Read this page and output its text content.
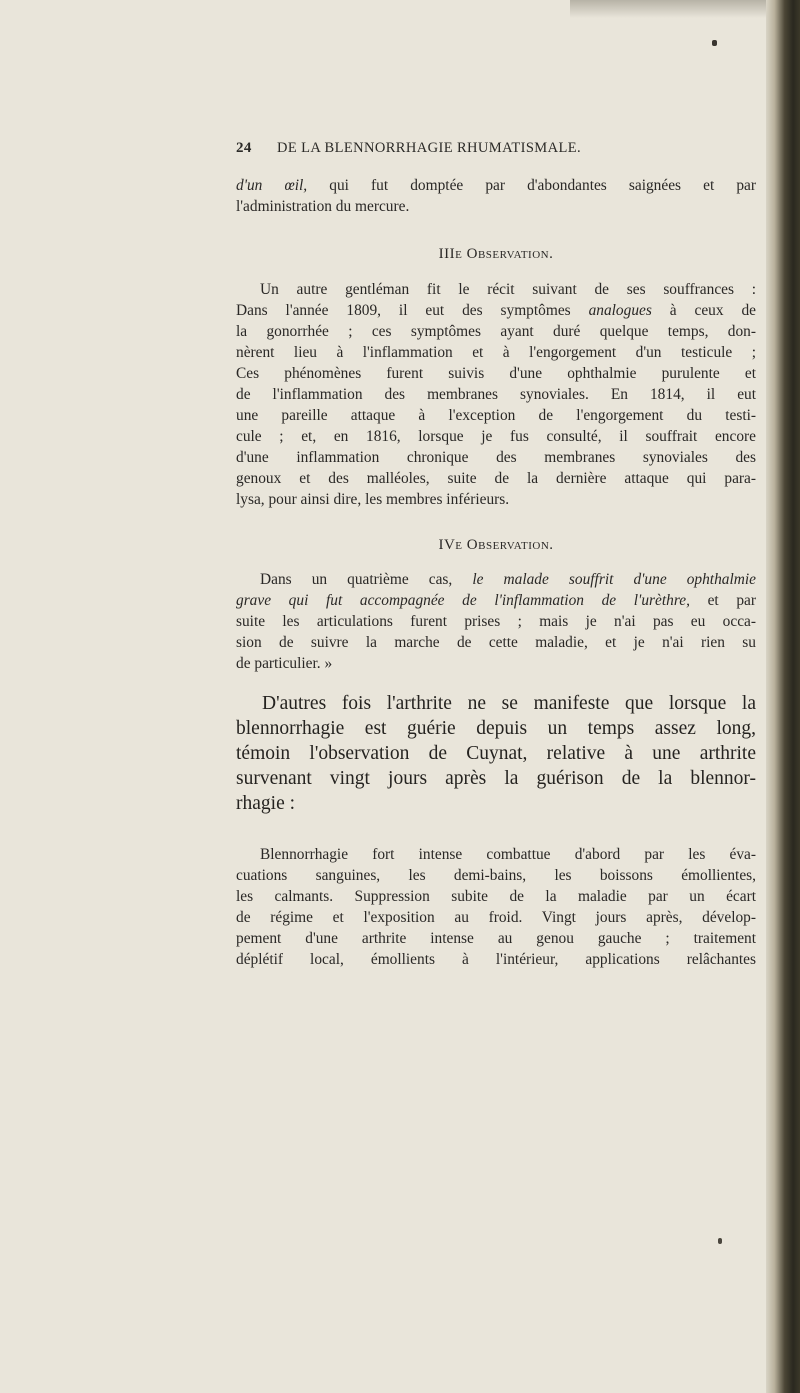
24 DE LA BLENNORRHAGIE RHUMATISMALE.
d'un œil, qui fut domptée par d'abondantes saignées et par
l'administration du mercure.
IIIe Observation.
Un autre gentléman fit le récit suivant de ses souffrances :
Dans l'année 1809, il eut des symptômes analogues à ceux de
la gonorrhée ; ces symptômes ayant duré quelque temps, don-
nèrent lieu à l'inflammation et à l'engorgement d'un testicule ;
Ces phénomènes furent suivis d'une ophthalmie purulente et
de l'inflammation des membranes synoviales. En 1814, il eut
une pareille attaque à l'exception de l'engorgement du testi-
cule ; et, en 1816, lorsque je fus consulté, il souffrait encore
d'une inflammation chronique des membranes synoviales des
genoux et des malléoles, suite de la dernière attaque qui para-
lysa, pour ainsi dire, les membres inférieurs.
IVe Observation.
Dans un quatrième cas, le malade souffrit d'une ophthalmie
grave qui fut accompagnée de l'inflammation de l'urèthre, et par
suite les articulations furent prises ; mais je n'ai pas eu occa-
sion de suivre la marche de cette maladie, et je n'ai rien su
de particulier. »
D'autres fois l'arthrite ne se manifeste que lorsque la
blennorrhagie est guérie depuis un temps assez long,
témoin l'observation de Cuynat, relative à une arthrite
survenant vingt jours après la guérison de la blennor-
rhagie :
Blennorrhagie fort intense combattue d'abord par les éva-
cuations sanguines, les demi-bains, les boissons émollientes,
les calmants. Suppression subite de la maladie par un écart
de régime et l'exposition au froid. Vingt jours après, dévelop-
pement d'une arthrite intense au genou gauche ; traitement
déplétif local, émollients à l'intérieur, applications relâchantes
